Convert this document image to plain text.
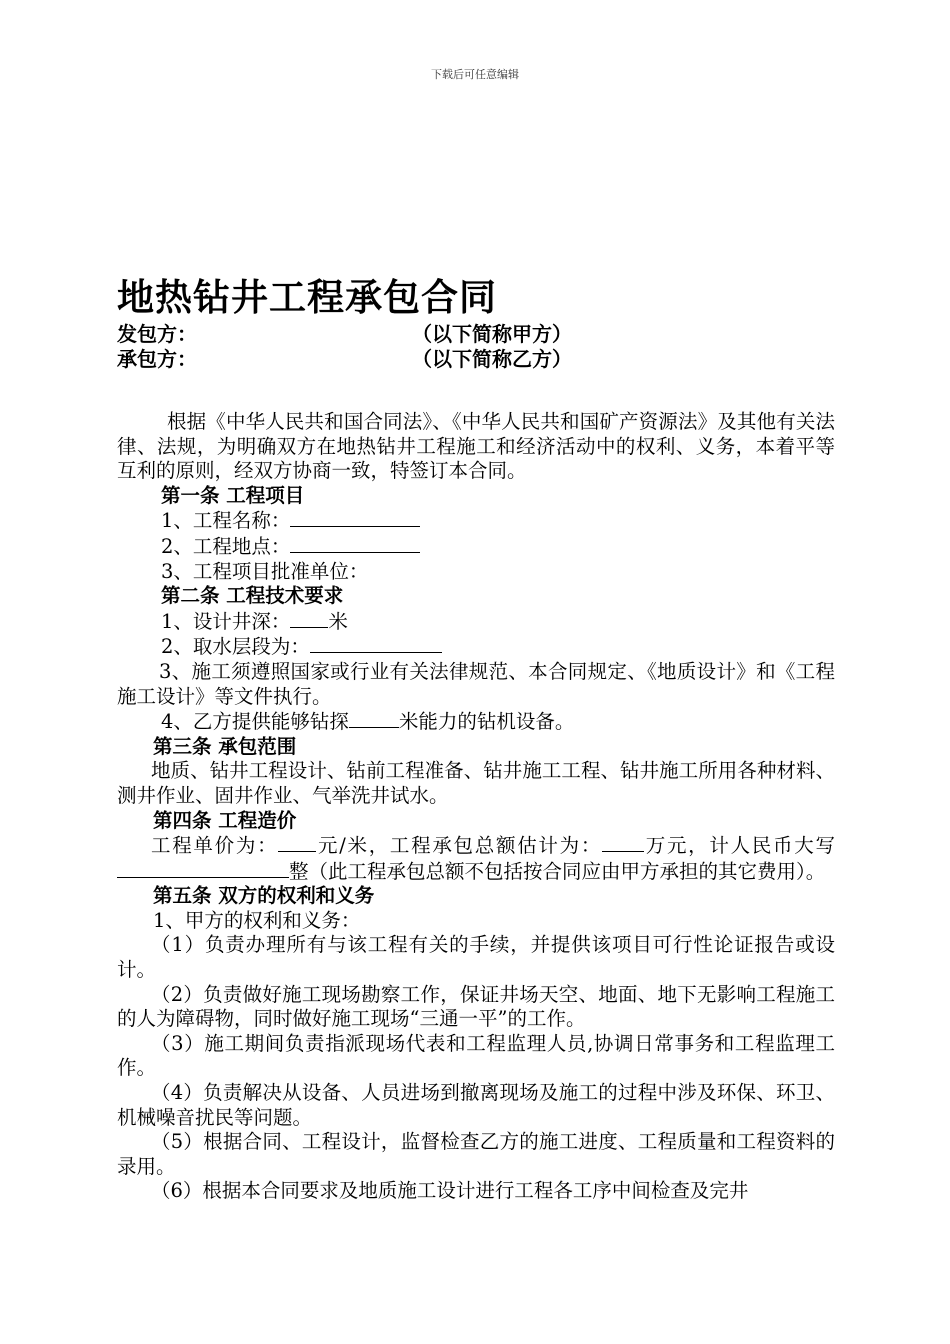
下载后可任意编辑
地热钻井工程承包合同
发包方：	（以下简称甲方）
承包方：	（以下简称乙方）

根据《中华人民共和国合同法》、《中华人民共和国矿产资源法》及其他有关法律、法规，为明确双方在地热钻井工程施工和经济活动中的权利、义务，本着平等互利的原则，经双方协商一致，特签订本合同。

第一条 工程项目

1、工程名称：

2、工程地点：

3、工程项目批准单位：

第二条 工程技术要求

1、设计井深： 米

2、取水层段为：

3、施工须遵照国家或行业有关法律规范、本合同规定、《地质设计》和《工程施工设计》等文件执行。

4、乙方提供能够钻探	米能力的钻机设备。

第三条 承包范围

地质、钻井工程设计、钻前工程准备、钻井施工工程、钻井施工所用各种材料、测井作业、固井作业、气举洗井试水。

第四条 工程造价

工程单价为： 元/米，工程承包总额估计为： 万元，计人民币大写整（此工程承包总额不包括按合同应由甲方承担的其它费用）。

第五条 双方的权利和义务

1、甲方的权利和义务：

（1）负责办理所有与该工程有关的手续，并提供该项目可行性论证报告或设计。

（2）负责做好施工现场勘察工作，保证井场天空、地面、地下无影响工程施工的人为障碍物，同时做好施工现场“三通一平”的工作。

（3）施工期间负责指派现场代表和工程监理人员,协调日常事务和工程监理工作。

（4）负责解决从设备、人员进场到撤离现场及施工的过程中涉及环保、环卫、机械噪音扰民等问题。

（5）根据合同、工程设计，监督检查乙方的施工进度、工程质量和工程资料的录用。

（6）根据本合同要求及地质施工设计进行工程各工序中间检查及完井
